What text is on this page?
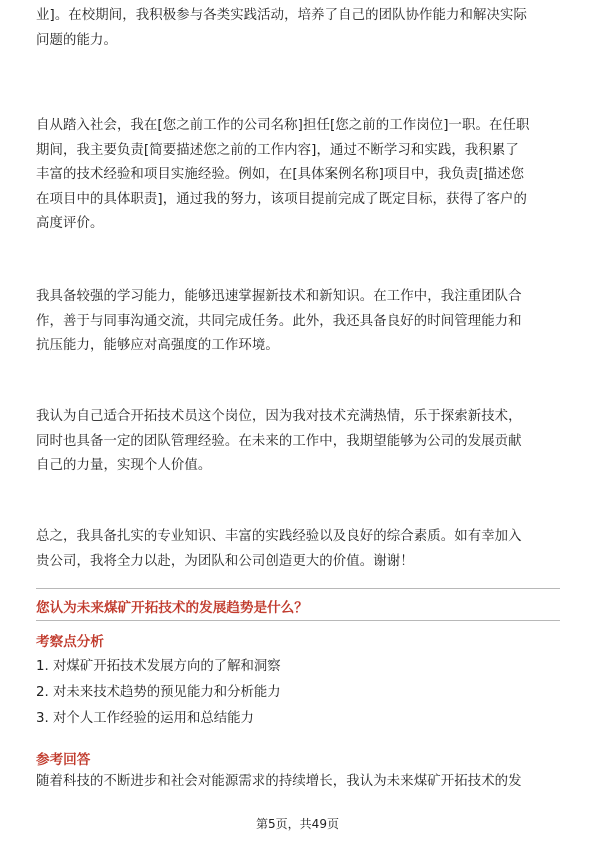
业]。在校期间，我积极参与各类实践活动，培养了自己的团队协作能力和解决实际
问题的能力。
自从踏入社会，我在[您之前工作的公司名称]担任[您之前的工作岗位]一职。在任职
期间，我主要负责[简要描述您之前的工作内容]，通过不断学习和实践，我积累了
丰富的技术经验和项目实施经验。例如，在[具体案例名称]项目中，我负责[描述您
在项目中的具体职责]，通过我的努力，该项目提前完成了既定目标，获得了客户的
高度评价。
我具备较强的学习能力，能够迅速掌握新技术和新知识。在工作中，我注重团队合
作，善于与同事沟通交流，共同完成任务。此外，我还具备良好的时间管理能力和
抗压能力，能够应对高强度的工作环境。
我认为自己适合开拓技术员这个岗位，因为我对技术充满热情，乐于探索新技术，
同时也具备一定的团队管理经验。在未来的工作中，我期望能够为公司的发展贡献
自己的力量，实现个人价值。
总之，我具备扎实的专业知识、丰富的实践经验以及良好的综合素质。如有幸加入
贵公司，我将全力以赴，为团队和公司创造更大的价值。谢谢！

您认为未来煤矿开拓技术的发展趋势是什么？

考察点分析

1. 对煤矿开拓技术发展方向的了解和洞察
2. 对未来技术趋势的预见能力和分析能力
3. 对个人工作经验的运用和总结能力

参考回答

随着科技的不断进步和社会对能源需求的持续增长，我认为未来煤矿开拓技术的发
第5页，共49页
